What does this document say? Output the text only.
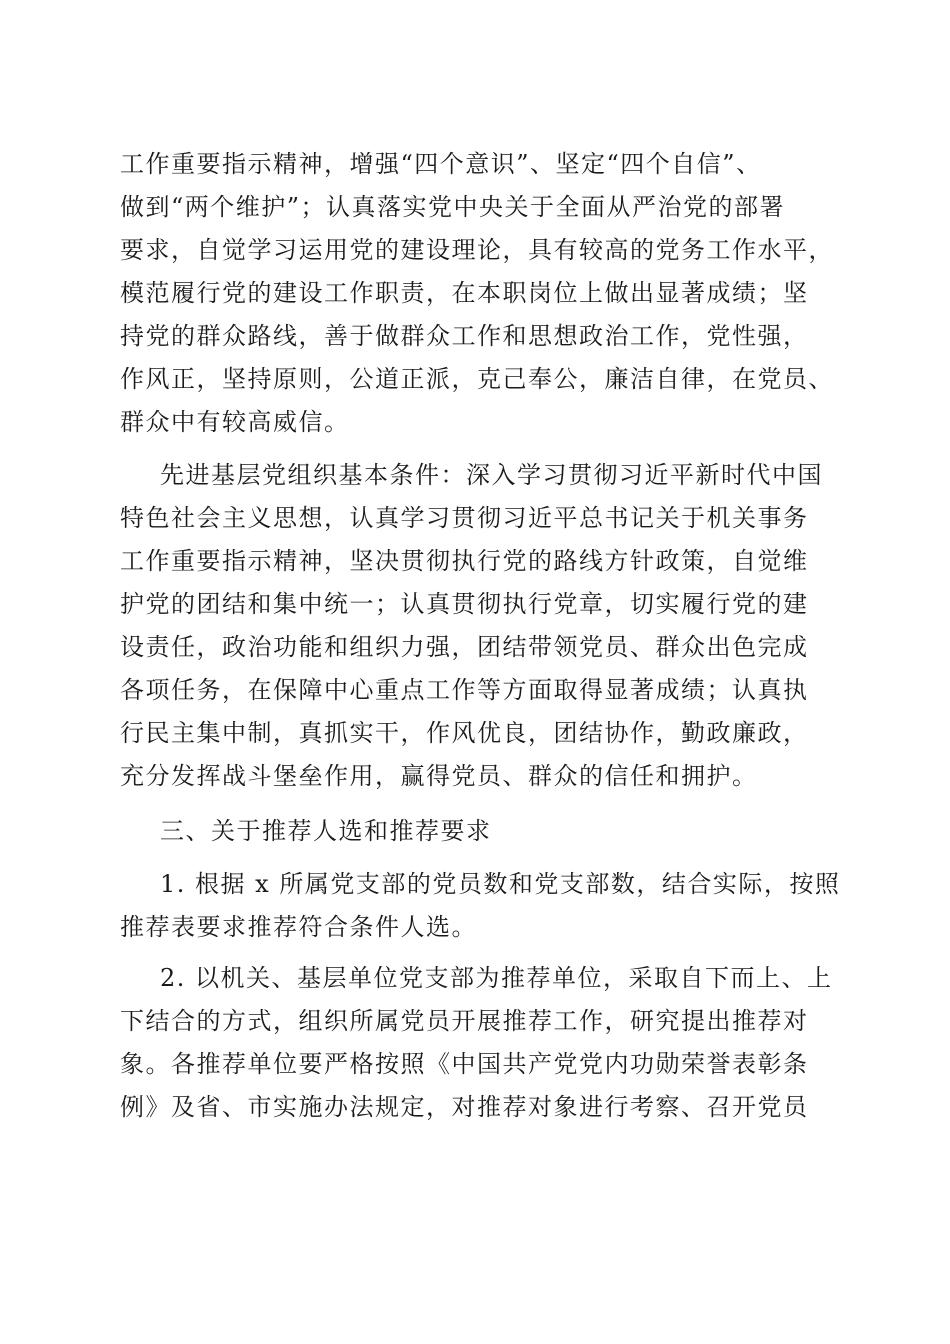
工作重要指示精神，增强“四个意识”、坚定“四个自信”、
做到“两个维护”；认真落实党中央关于全面从严治党的部署
要求，自觉学习运用党的建设理论，具有较高的党务工作水平，
模范履行党的建设工作职责，在本职岗位上做出显著成绩；坚
持党的群众路线，善于做群众工作和思想政治工作，党性强，
作风正，坚持原则，公道正派，克己奉公，廉洁自律，在党员、
群众中有较高威信。
先进基层党组织基本条件：深入学习贯彻习近平新时代中国
特色社会主义思想，认真学习贯彻习近平总书记关于机关事务
工作重要指示精神，坚决贯彻执行党的路线方针政策，自觉维
护党的团结和集中统一；认真贯彻执行党章，切实履行党的建
设责任，政治功能和组织力强，团结带领党员、群众出色完成
各项任务，在保障中心重点工作等方面取得显著成绩；认真执
行民主集中制，真抓实干，作风优良，团结协作，勤政廉政，
充分发挥战斗堡垒作用，赢得党员、群众的信任和拥护。
三、关于推荐人选和推荐要求
1. 根据 x 所属党支部的党员数和党支部数，结合实际，按照
推荐表要求推荐符合条件人选。
2. 以机关、基层单位党支部为推荐单位，采取自下而上、上
下结合的方式，组织所属党员开展推荐工作，研究提出推荐对
象。各推荐单位要严格按照《中国共产党党内功勋荣誉表彰条
例》及省、市实施办法规定，对推荐对象进行考察、召开党员
